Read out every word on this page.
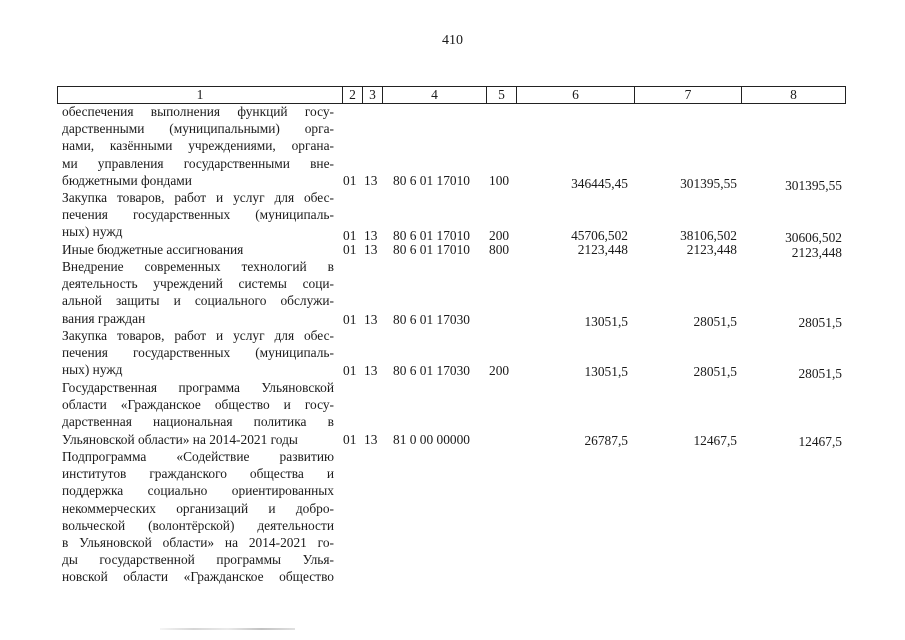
410
1	2 3	4	5	6	7	8
обеспечения выполнения функций госу-
дарственными (муниципальными) орга-
нами, казёнными учреждениями, органа-
ми управления государственными вне-
бюджетными фондами	01 13 80 6 01 17010 100	346445,45	301395,55	301395,55
Закупка товаров, работ и услуг для обес-
печения государственных (муниципаль-
ных) нужд	01 13 80 6 01 17010 200	45706,502	38106,502	30606,502
Иные бюджетные ассигнования	01 13 80 6 01 17010 800	2123,448	2123,448	2123,448
Внедрение современных технологий в
деятельность учреждений системы соци-
альной защиты и социального обслужи-
вания граждан	01 13 80 6 01 17030	13051,5	28051,5	28051,5
Закупка товаров, работ и услуг для обес-
печения государственных (муниципаль-
ных) нужд	01 13 80 6 01 17030 200	13051,5	28051,5	28051,5
Государственная программа Ульяновской
области «Гражданское общество и госу-
дарственная национальная политика в
Ульяновской области» на 2014-2021 годы	01 13 81 0 00 00000	26787,5	12467,5	12467,5
Подпрограмма «Содействие развитию
институтов гражданского общества и
поддержка социально ориентированных
некоммерческих организаций и добро-
вольческой (волонтёрской) деятельности
в Ульяновской области» на 2014-2021 го-
ды государственной программы Улья-
новской области «Гражданское общество
